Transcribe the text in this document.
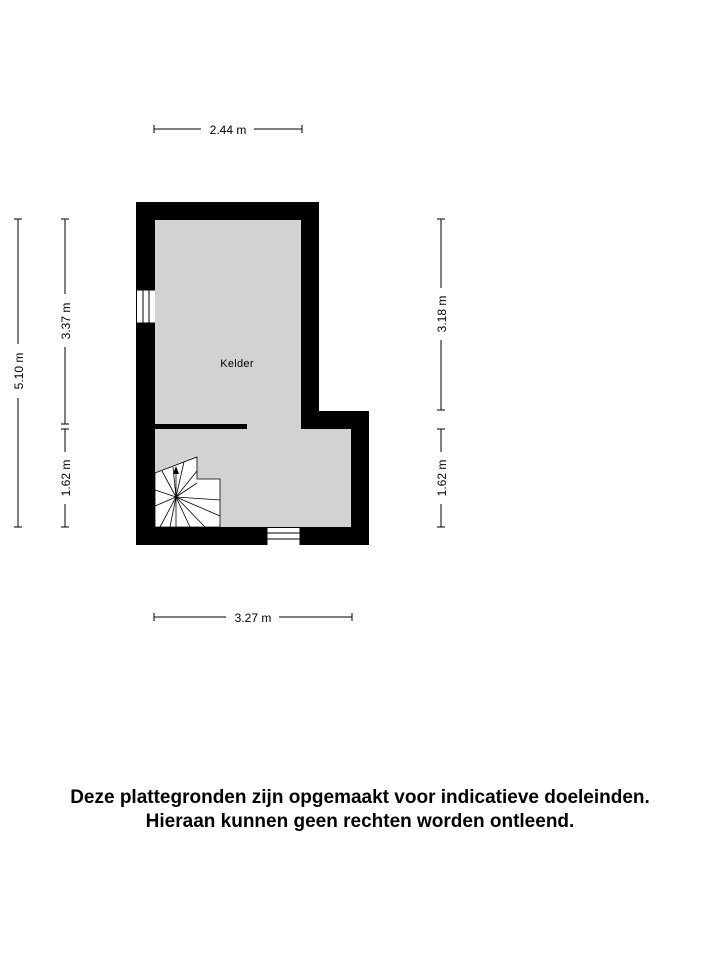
Kelder
2.44 m
3.27 m
5.10 m
3.37 m
1.62 m
3.18 m
1.62 m
Deze plattegronden zijn opgemaakt voor indicatieve doeleinden.
Hieraan kunnen geen rechten worden ontleend.
